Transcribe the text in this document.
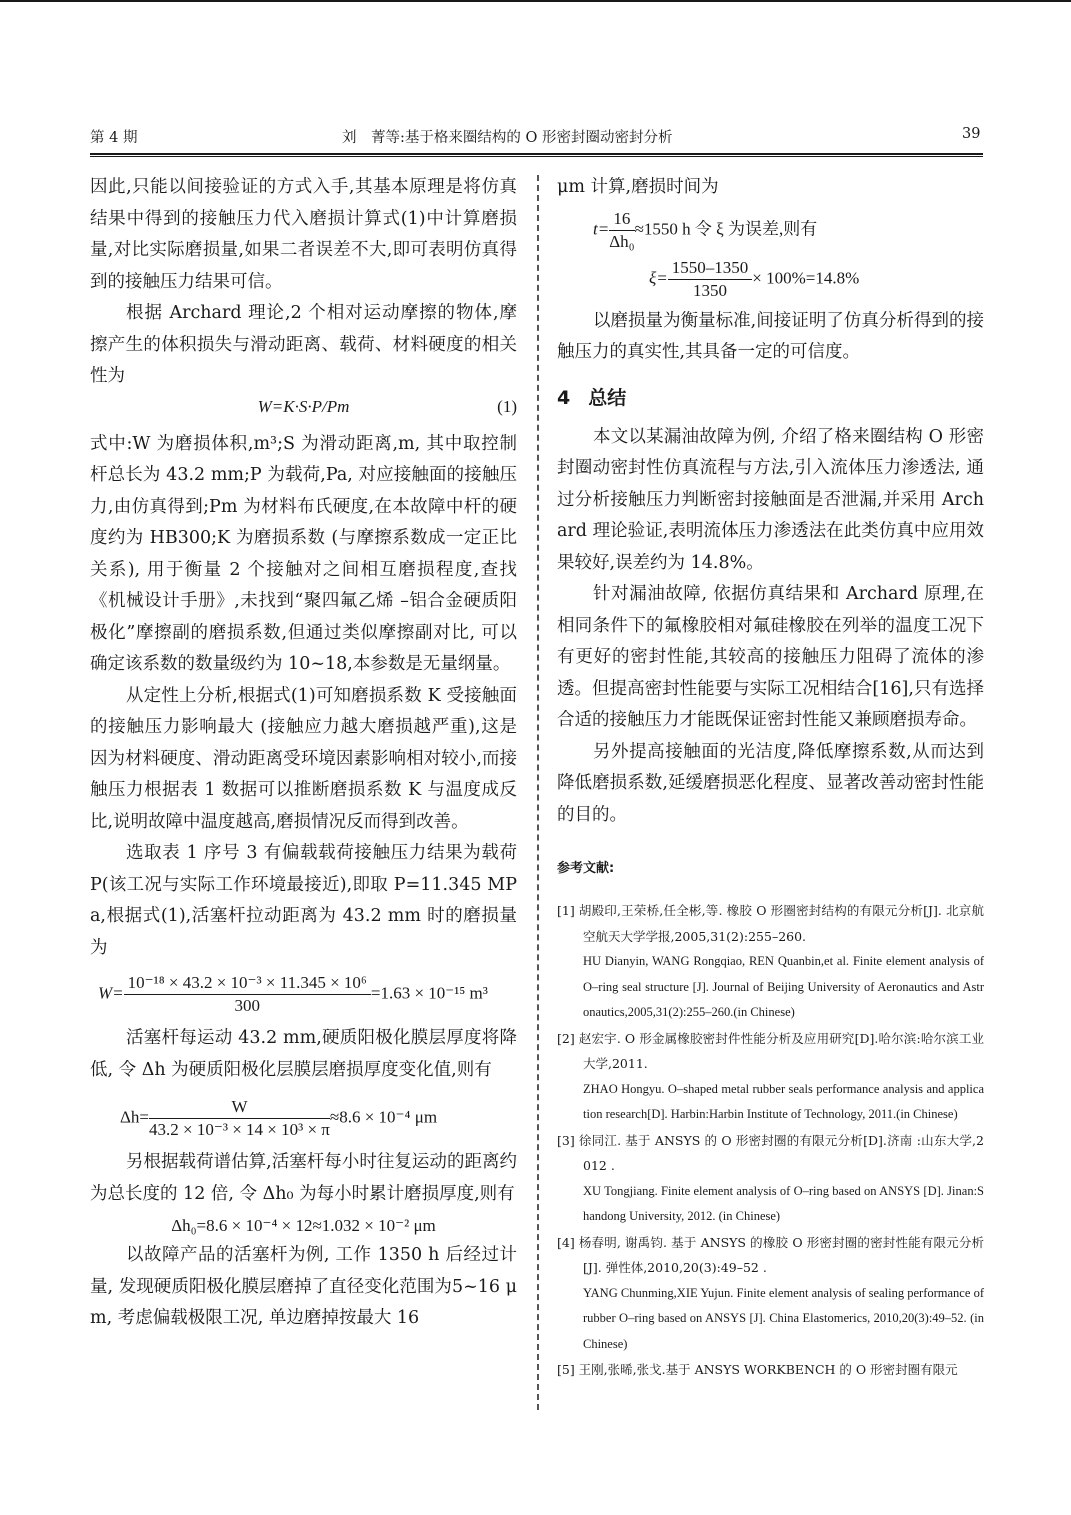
第 4 期	刘　菁等:基于格来圈结构的 O 形密封圈动密封分析	39

因此,只能以间接验证的方式入手,其基本原理是将仿真结果中得到的接触压力代入磨损计算式(1)中计算磨损量,对比实际磨损量,如果二者误差不大,即可表明仿真得到的接触压力结果可信。

根据 Archard 理论,2 个相对运动摩擦的物体,摩擦产生的体积损失与滑动距离、载荷、材料硬度的相关性为

W=K·S·P/Pm	(1)

式中:W 为磨损体积,m³;S 为滑动距离,m, 其中取控制杆总长为 43.2 mm;P 为载荷,Pa, 对应接触面的接触压力,由仿真得到;Pm 为材料布氏硬度,在本故障中杆的硬度约为 HB300;K 为磨损系数 (与摩擦系数成一定正比关系), 用于衡量 2 个接触对之间相互磨损程度,查找《机械设计手册》,未找到“聚四氟乙烯 –铝合金硬质阳极化”摩擦副的磨损系数,但通过类似摩擦副对比, 可以确定该系数的数量级约为 10~18,本参数是无量纲量。

从定性上分析,根据式(1)可知磨损系数 K 受接触面的接触压力影响最大 (接触应力越大磨损越严重),这是因为材料硬度、滑动距离受环境因素影响相对较小,而接触压力根据表 1 数据可以推断磨损系数 K 与温度成反比,说明故障中温度越高,磨损情况反而得到改善。

选取表 1 序号 3 有偏载载荷接触压力结果为载荷 P(该工况与实际工作环境最接近),即取 P=11.345 MPa,根据式(1),活塞杆拉动距离为 43.2 mm 时的磨损量为

$W= \frac{\text{10⁻¹⁸ × 43.2 × 10⁻³ × 11.345 × 10⁶}}{300} =1.63 \times 10^{-15}$ m³

活塞杆每运动 43.2 mm,硬质阳极化膜层厚度将降低, 令 Δh 为硬质阳极化层膜层磨损厚度变化值,则有

$\Delta h= \frac{W}{\text{43.2 × 10⁻³ × 14 × 10³ × π}} \approx 8.6 \times 10^{-4}$ μm

另根据载荷谱估算,活塞杆每小时往复运动的距离约为总长度的 12 倍, 令 Δh₀ 为每小时累计磨损厚度,则有

Δh₀=8.6 × 10⁻⁴ × 12≈1.032 × 10⁻² μm

以故障产品的活塞杆为例, 工作 1350 h 后经过计量, 发现硬质阳极化膜层磨掉了直径变化范围为5~16 μm, 考虑偏载极限工况, 单边磨掉按最大 16

μm 计算,磨损时间为

$t= \frac{16}{\text{Δh₀}} \approx 1550$ h 令 ξ 为误差,则有
$\xi= \frac{1550-1350}{1350} \times 100\%=14.8\%$

以磨损量为衡量标准,间接证明了仿真分析得到的接触压力的真实性,其具备一定的可信度。

4 总结

本文以某漏油故障为例, 介绍了格来圈结构 O 形密封圈动密封性仿真流程与方法,引入流体压力渗透法, 通过分析接触压力判断密封接触面是否泄漏,并采用 Archard 理论验证,表明流体压力渗透法在此类仿真中应用效果较好,误差约为 14.8%。

针对漏油故障, 依据仿真结果和 Archard 原理,在相同条件下的氟橡胶相对氟硅橡胶在列举的温度工况下有更好的密封性能,其较高的接触压力阻碍了流体的渗透。但提高密封性能要与实际工况相结合[16],只有选择合适的接触压力才能既保证密封性能又兼顾磨损寿命。

另外提高接触面的光洁度,降低摩擦系数,从而达到降低磨损系数,延缓磨损恶化程度、显著改善动密封性能的目的。

参考文献:

[1] 胡殿印,王荣桥,任全彬,等. 橡胶 O 形圈密封结构的有限元分析[J]. 北京航空航天大学学报,2005,31(2):255–260.

HU Dianyin, WANG Rongqiao, REN Quanbin,et al. Finite element analysis of O–ring seal structure [J]. Journal of Beijing University of Aeronautics and Astronautics,2005,31(2):255–260.(in Chinese)

[2] 赵宏宇. O 形金属橡胶密封件性能分析及应用研究[D].哈尔滨:哈尔滨工业大学,2011.

ZHAO Hongyu. O–shaped metal rubber seals performance analysis and application research[D]. Harbin:Harbin Institute of Technology, 2011.(in Chinese)

[3] 徐同江. 基于 ANSYS 的 O 形密封圈的有限元分析[D].济南 :山东大学,2012 .

XU Tongjiang. Finite element analysis of O–ring based on ANSYS [D]. Jinan:Shandong University, 2012. (in Chinese)

[4] 杨春明, 谢禹钧. 基于 ANSYS 的橡胶 O 形密封圈的密封性能有限元分析[J]. 弹性体,2010,20(3):49–52 .

YANG Chunming,XIE Yujun. Finite element analysis of sealing performance of rubber O–ring based on ANSYS [J]. China Elastomerics, 2010,20(3):49–52. (in Chinese)

[5] 王刚,张晞,张戈.基于 ANSYS WORKBENCH 的 O 形密封圈有限元
